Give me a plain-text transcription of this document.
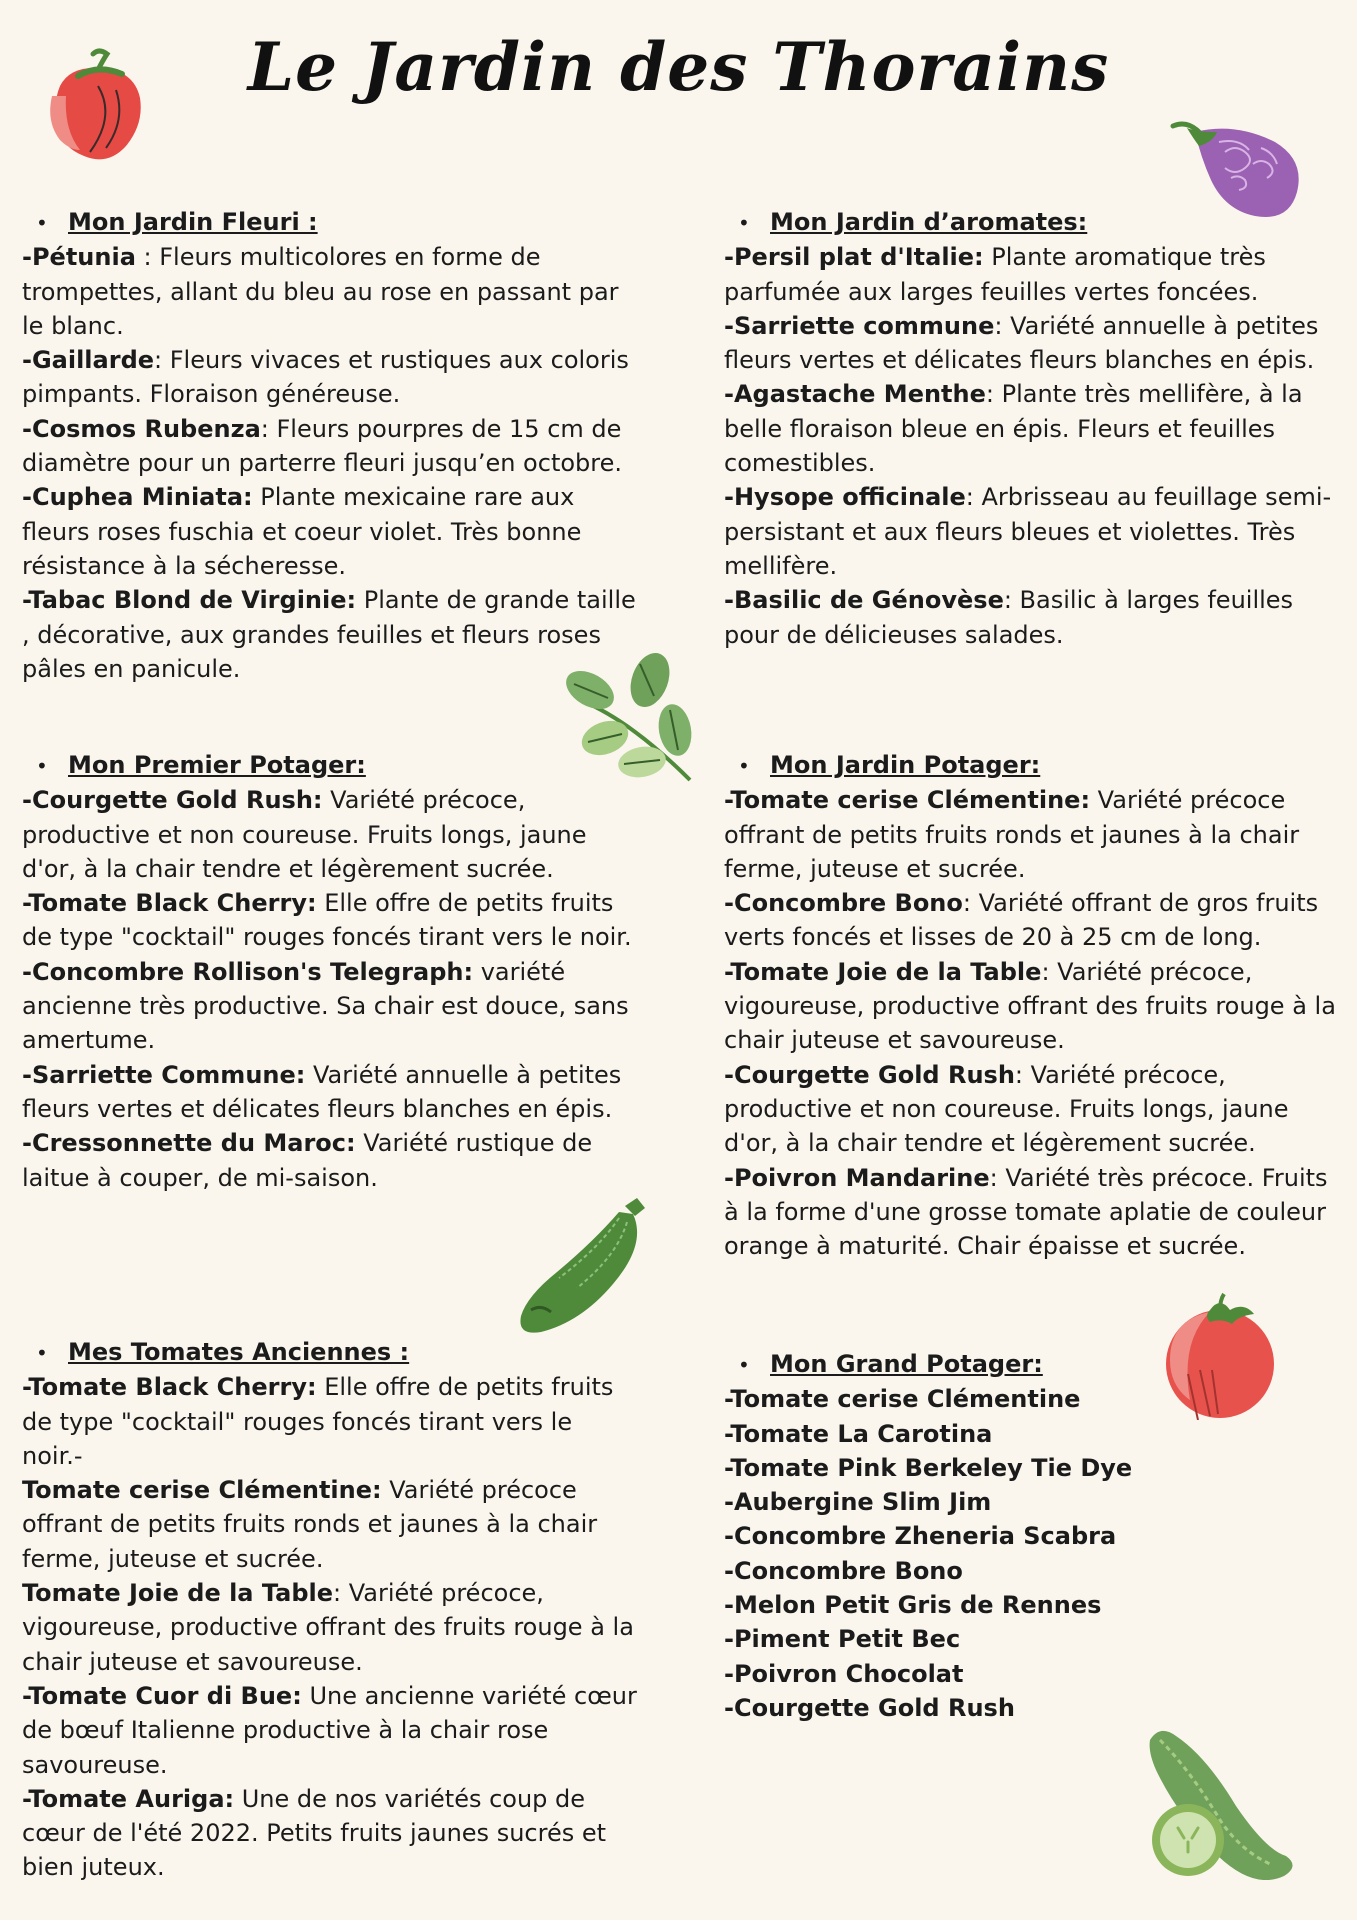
Le Jardin des Thorains
• Mon Jardin Fleuri :

-Pétunia : Fleurs multicolores en forme de trompettes, allant du bleu au rose en passant par le blanc.

-Gaillarde: Fleurs vivaces et rustiques aux coloris pimpants. Floraison généreuse.

-Cosmos Rubenza: Fleurs pourpres de 15 cm de diamètre pour un parterre fleuri jusqu’en octobre.

-Cuphea Miniata: Plante mexicaine rare aux fleurs roses fuschia et coeur violet. Très bonne résistance à la sécheresse.

-Tabac Blond de Virginie: Plante de grande taille , décorative, aux grandes feuilles et fleurs roses pâles en panicule.

• Mon Jardin d’aromates:

-Persil plat d'Italie: Plante aromatique très parfumée aux larges feuilles vertes foncées.

-Sarriette commune: Variété annuelle à petites fleurs vertes et délicates fleurs blanches en épis.

-Agastache Menthe: Plante très mellifère, à la belle floraison bleue en épis. Fleurs et feuilles comestibles.

-Hysope officinale: Arbrisseau au feuillage semi-persistant et aux fleurs bleues et violettes. Très mellifère.

-Basilic de Génovèse: Basilic à larges feuilles pour de délicieuses salades.

• Mon Premier Potager:

-Courgette Gold Rush: Variété précoce, productive et non coureuse. Fruits longs, jaune d'or, à la chair tendre et légèrement sucrée.

-Tomate Black Cherry: Elle offre de petits fruits de type "cocktail" rouges foncés tirant vers le noir.

-Concombre Rollison's Telegraph: variété ancienne très productive. Sa chair est douce, sans amertume.

-Sarriette Commune: Variété annuelle à petites fleurs vertes et délicates fleurs blanches en épis.

-Cressonnette du Maroc: Variété rustique de laitue à couper, de mi-saison.

• Mon Jardin Potager:

-Tomate cerise Clémentine: Variété précoce offrant de petits fruits ronds et jaunes à la chair ferme, juteuse et sucrée.

-Concombre Bono: Variété offrant de gros fruits verts foncés et lisses de 20 à 25 cm de long.

-Tomate Joie de la Table: Variété précoce, vigoureuse, productive offrant des fruits rouge à la chair juteuse et savoureuse.

-Courgette Gold Rush: Variété précoce, productive et non coureuse. Fruits longs, jaune d'or, à la chair tendre et légèrement sucrée.

-Poivron Mandarine: Variété très précoce. Fruits à la forme d'une grosse tomate aplatie de couleur orange à maturité. Chair épaisse et sucrée.

• Mes Tomates Anciennes :

-Tomate Black Cherry: Elle offre de petits fruits de type "cocktail" rouges foncés tirant vers le noir.-

Tomate cerise Clémentine: Variété précoce offrant de petits fruits ronds et jaunes à la chair ferme, juteuse et sucrée.

Tomate Joie de la Table: Variété précoce, vigoureuse, productive offrant des fruits rouge à la chair juteuse et savoureuse.

-Tomate Cuor di Bue: Une ancienne variété cœur de bœuf Italienne productive à la chair rose savoureuse.

-Tomate Auriga: Une de nos variétés coup de cœur de l'été 2022. Petits fruits jaunes sucrés et bien juteux.

• Mon Grand Potager:

-Tomate cerise Clémentine

-Tomate La Carotina

-Tomate Pink Berkeley Tie Dye

-Aubergine Slim Jim

-Concombre Zheneria Scabra

-Concombre Bono

-Melon Petit Gris de Rennes

-Piment Petit Bec

-Poivron Chocolat

-Courgette Gold Rush
